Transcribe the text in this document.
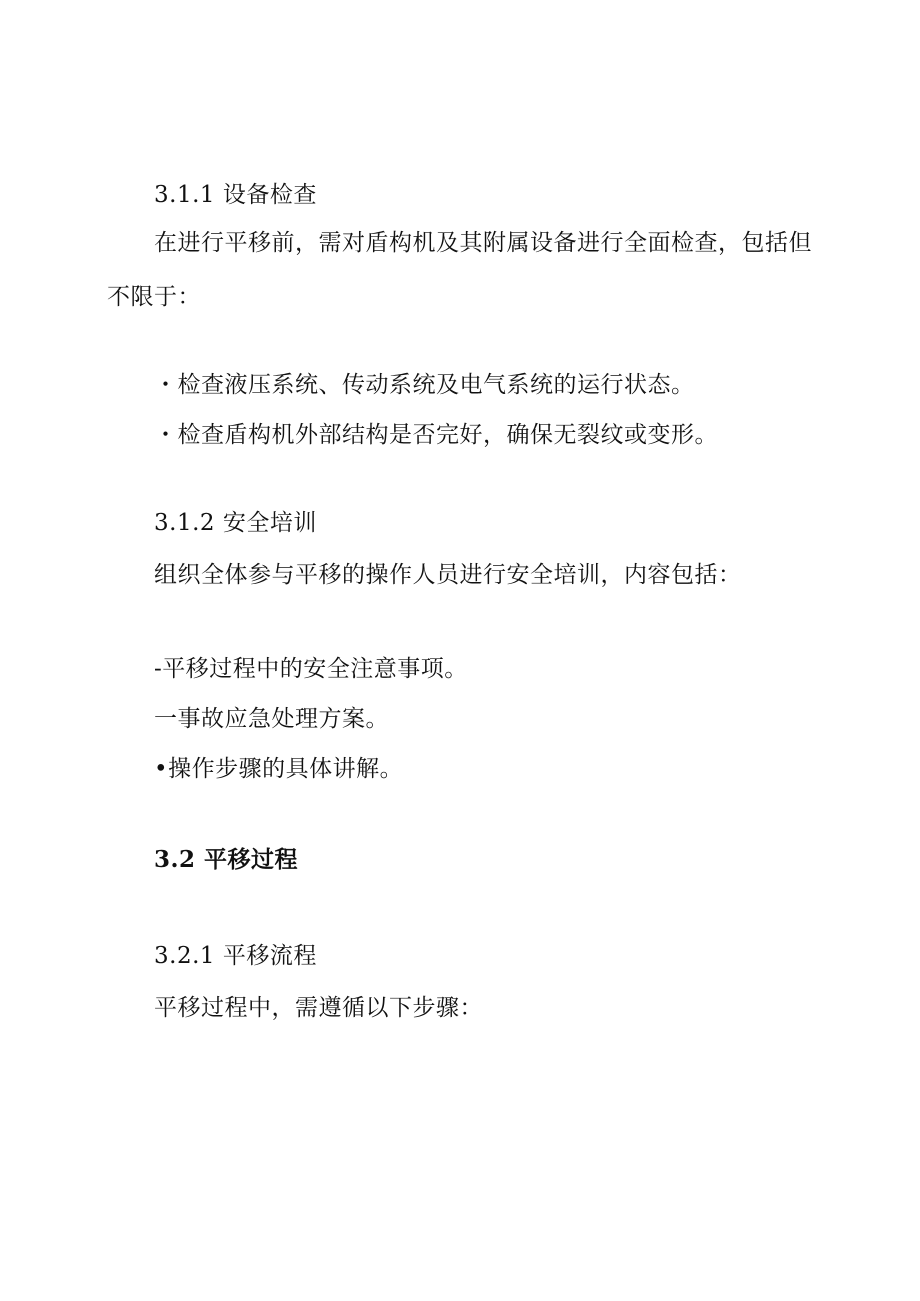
3.1.1 设备检查
在进行平移前，需对盾构机及其附属设备进行全面检查，包括但
不限于：
・检查液压系统、传动系统及电气系统的运行状态。
・检查盾构机外部结构是否完好，确保无裂纹或变形。
3.1.2 安全培训
组织全体参与平移的操作人员进行安全培训，内容包括：
-平移过程中的安全注意事项。
一事故应急处理方案。
•操作步骤的具体讲解。
3.2 平移过程
3.2.1 平移流程
平移过程中，需遵循以下步骤：
